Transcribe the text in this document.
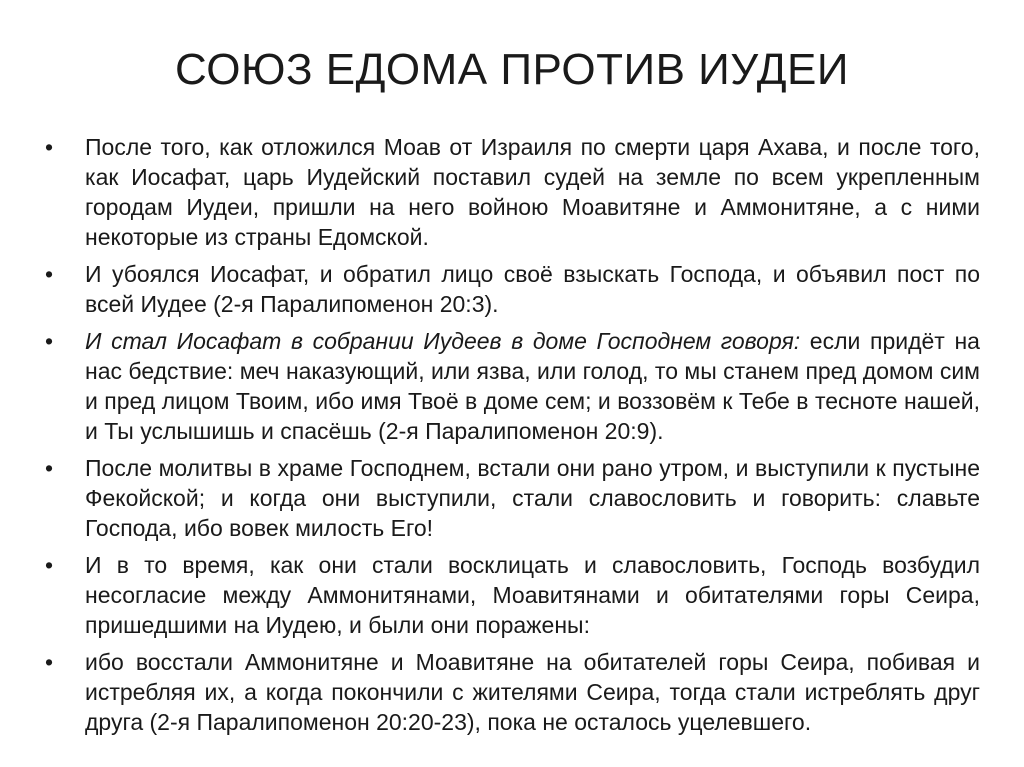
СОЮЗ ЕДОМА ПРОТИВ ИУДЕИ
•	После того, как отложился Моав от Израиля по смерти царя Ахава, и после того, как Иосафат, царь Иудейский поставил судей на земле по всем укрепленным городам Иудеи, пришли на него войною Моавитяне и Аммонитяне, а с ними некоторые из страны Едомской.
•	И убоялся Иосафат, и обратил лицо своё взыскать Господа, и объявил пост по всей Иудее (2-я Паралипоменон 20:3).
•	И стал Иосафат в собрании Иудеев в доме Господнем говоря: если придёт на нас бедствие: меч наказующий, или язва, или голод, то мы станем пред домом сим и пред лицом Твоим, ибо имя Твоё в доме сем; и воззовём к Тебе в тесноте нашей, и Ты услышишь и спасёшь (2-я Паралипоменон 20:9).
•	После молитвы в храме Господнем, встали они рано утром, и выступили к пустыне Фекойской; и когда они выступили, стали славословить и говорить: славьте Господа, ибо вовек милость Его!
•	И в то время, как они стали восклицать и славословить, Господь возбудил несогласие между Аммонитянами, Моавитянами и обитателями горы Сеира, пришедшими на Иудею, и были они поражены:
•	ибо восстали Аммонитяне и Моавитяне на обитателей горы Сеира, побивая и истребляя их, а когда покончили с жителями Сеира, тогда стали истреблять друг друга (2-я Паралипоменон 20:20-23), пока не осталось уцелевшего.
